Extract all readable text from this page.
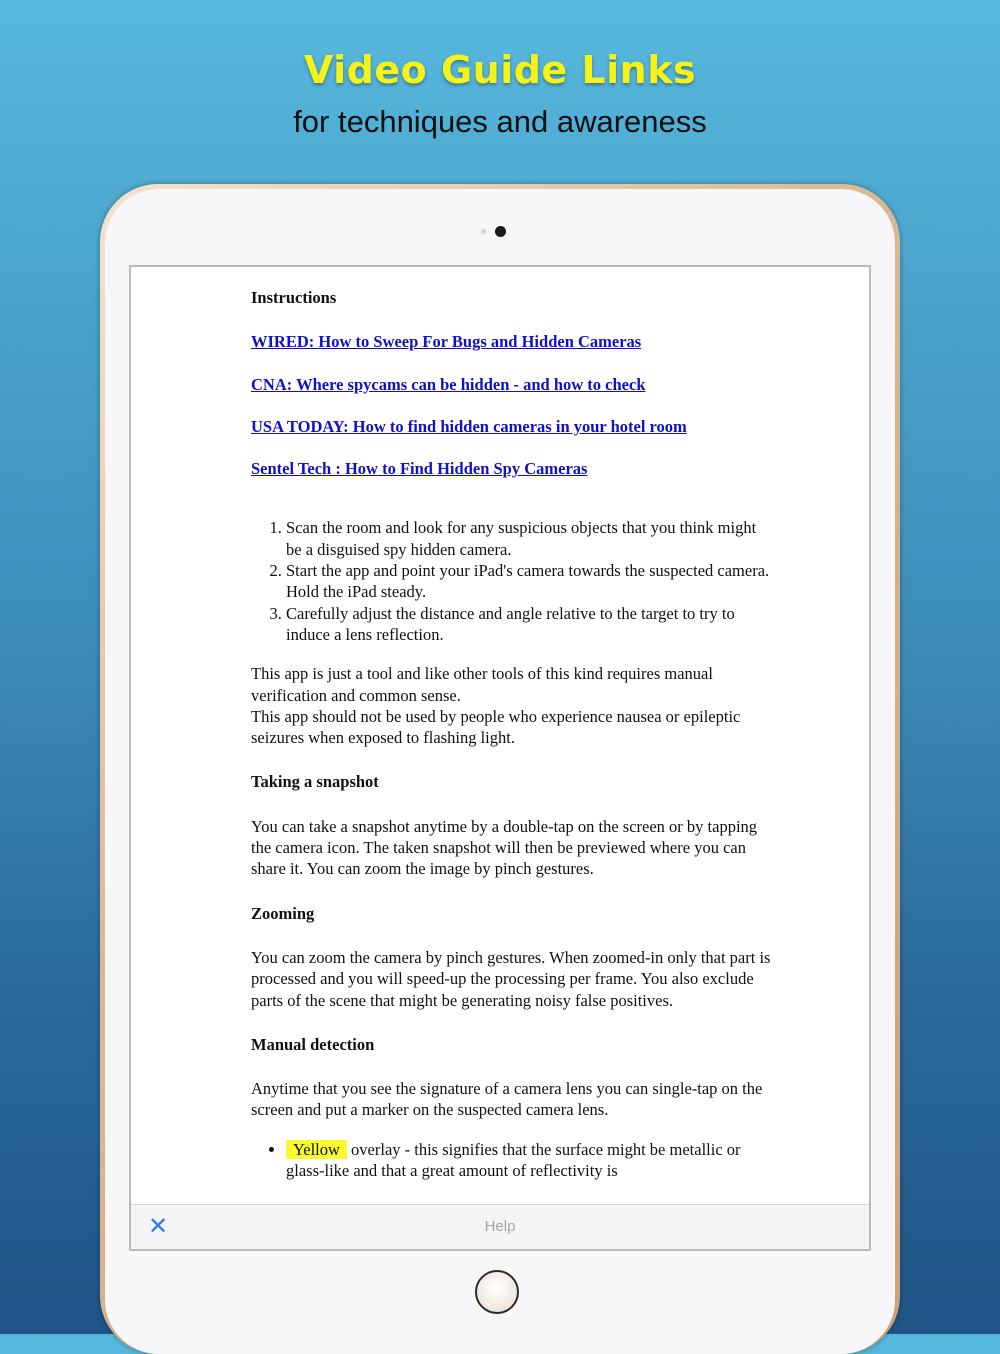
Video Guide Links
for techniques and awareness
Instructions
WIRED: How to Sweep For Bugs and Hidden Cameras
CNA: Where spycams can be hidden - and how to check
USA TODAY: How to find hidden cameras in your hotel room
Sentel Tech : How to Find Hidden Spy Cameras
1. Scan the room and look for any suspicious objects that you think might be a disguised spy hidden camera.
2. Start the app and point your iPad's camera towards the suspected camera. Hold the iPad steady.
3. Carefully adjust the distance and angle relative to the target to try to induce a lens reflection.

This app is just a tool and like other tools of this kind requires manual verification and common sense.

This app should not be used by people who experience nausea or epileptic seizures when exposed to flashing light.

Taking a snapshot

You can take a snapshot anytime by a double-tap on the screen or by tapping the camera icon. The taken snapshot will then be previewed where you can share it. You can zoom the image by pinch gestures.

Zooming

You can zoom the camera by pinch gestures. When zoomed-in only that part is processed and you will speed-up the processing per frame. You also exclude parts of the scene that might be generating noisy false positives.

Manual detection

Anytime that you see the signature of a camera lens you can single-tap on the screen and put a marker on the suspected camera lens.

• Yellow overlay - this signifies that the surface might be metallic or glass-like and that a great amount of reflectivity is
✕	Help
